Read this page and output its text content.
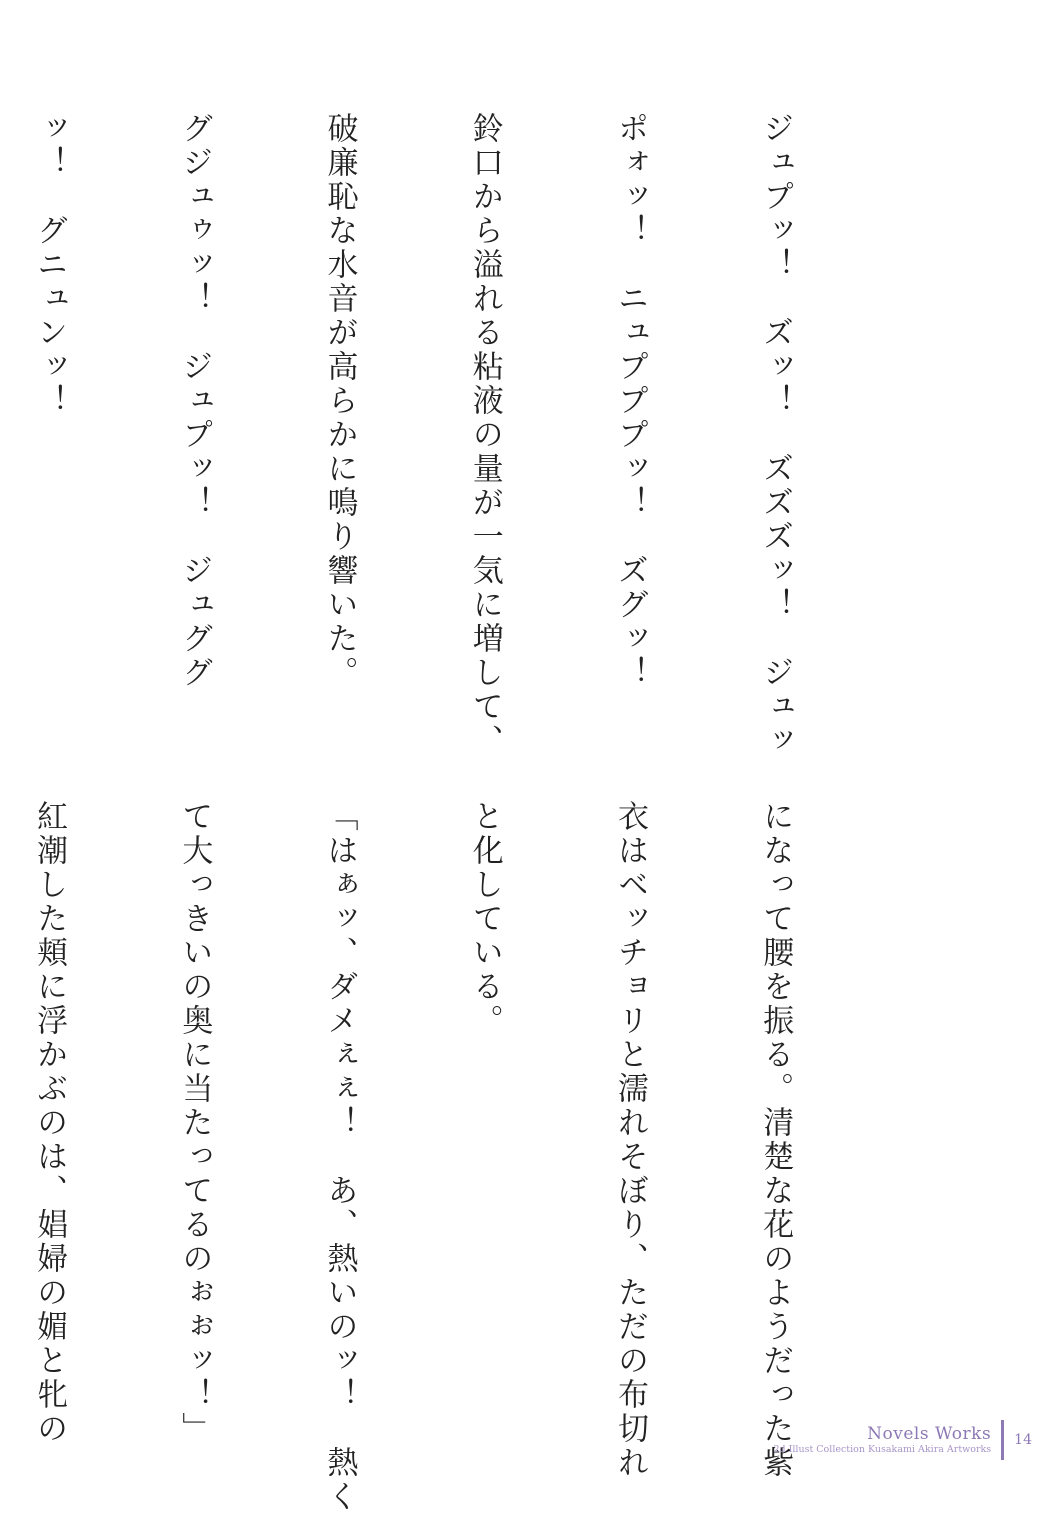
ジュプッ！　ズッ！　ズズズッ！　ジュッ

ポォッ！　ニュプププッ！　ズグッ！

鈴口から溢れる粘液の量が一気に増して、

破廉恥な水音が高らかに鳴り響いた。

グジュゥッ！　ジュプッ！　ジュググ

ッ！　グニュンッ！

になって腰を振る。清楚な花のようだった紫

衣はベッチョリと濡れそぼり、ただの布切れ

と化している。

「はぁッ、ダメぇぇ！　あ、熱いのッ！　熱く

て大っきいの奥に当たってるのぉぉッ！」

紅潮した頬に浮かぶのは、娼婦の媚と牝の

	Novels Works
2d Illust Collection Kusakami Akira Artworks
14
